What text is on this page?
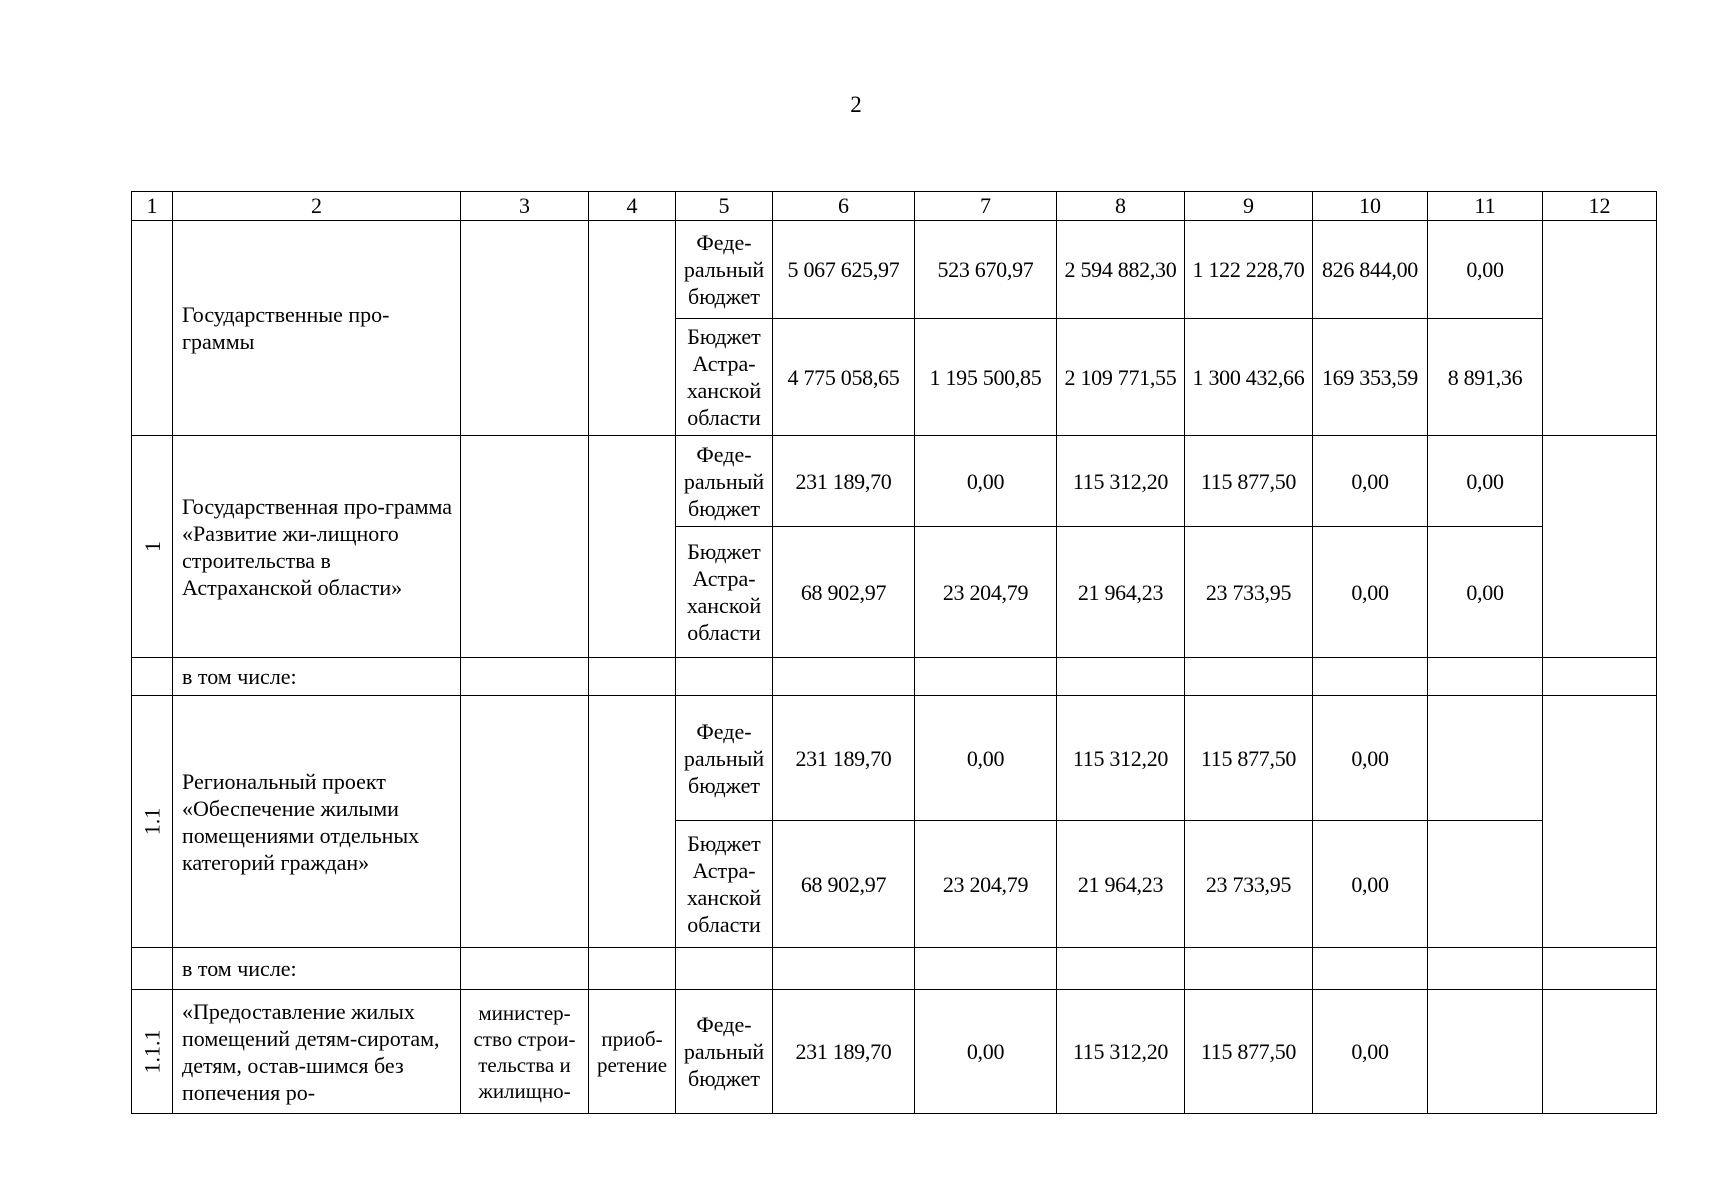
2
1	2	3	4	5	6	7	8	9	10	11	12
	Государственные про-граммы			Феде-ральный бюджет	5 067 625,97	523 670,97	2 594 882,30	1 122 228,70	826 844,00	0,00	
				Бюджет Астра-ханской области	4 775 058,65	1 195 500,85	2 109 771,55	1 300 432,66	169 353,59	8 891,36	

1	Государственная про-грамма «Развитие жи-лищного строительства в Астраханской области»			Феде-ральный бюджет	231 189,70	0,00	115 312,20	115 877,50	0,00	0,00	
				Бюджет Астра-ханской области	68 902,97	23 204,79	21 964,23	23 733,95	0,00	0,00	
	в том числе:										

1.1	Региональный проект «Обеспечение жилыми помещениями отдельных категорий граждан»			Феде-ральный бюджет	231 189,70	0,00	115 312,20	115 877,50	0,00		
				Бюджет Астра-ханской области	68 902,97	23 204,79	21 964,23	23 733,95	0,00		
	в том числе:										

1.1.1	«Предоставление жилых помещений детям-сиротам, детям, остав-шимся без попечения ро-	министер-ство строи-тельства и жилищно-	приоб-ретение	Феде-ральный бюджет	231 189,70	0,00	115 312,20	115 877,50	0,00		
